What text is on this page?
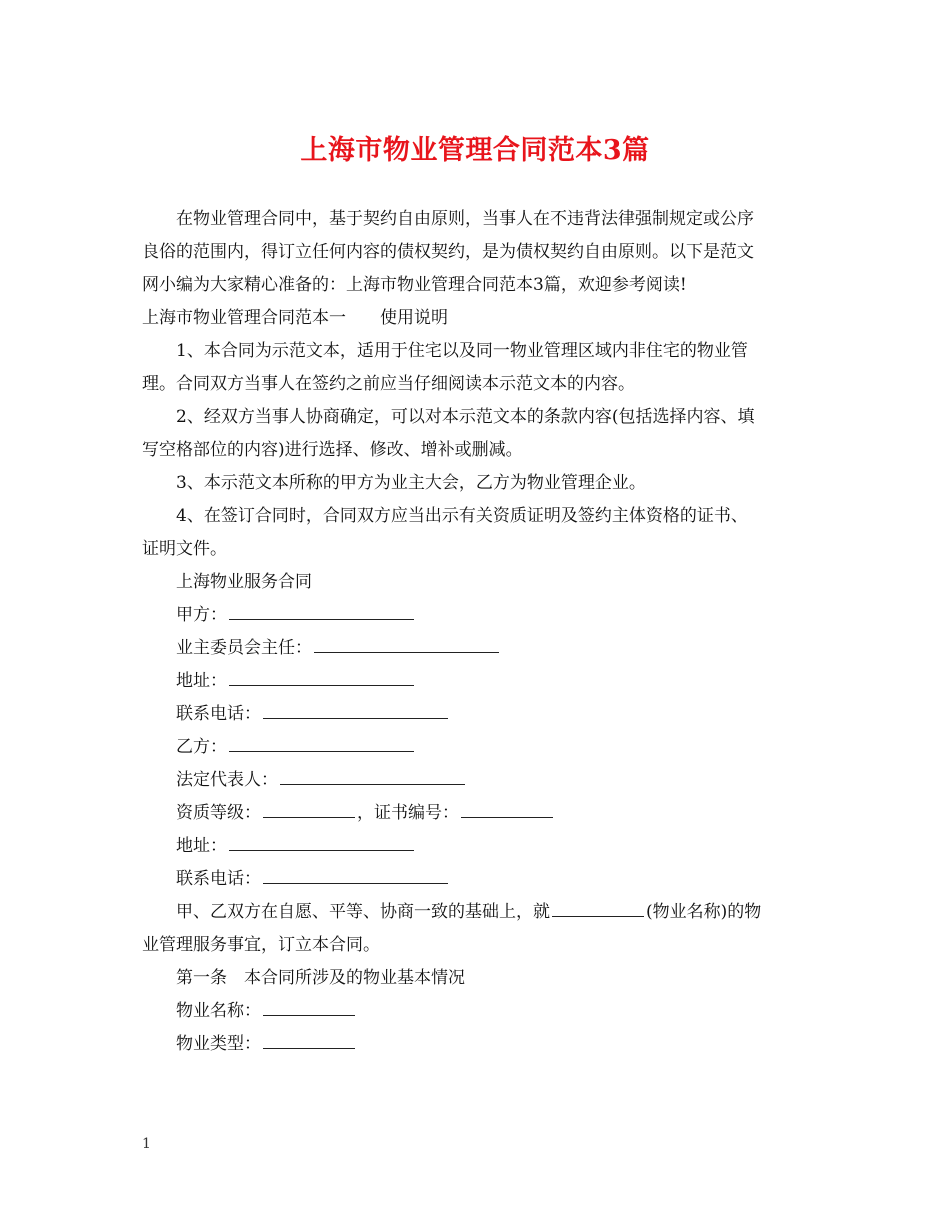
上海市物业管理合同范本3篇
在物业管理合同中，基于契约自由原则，当事人在不违背法律强制规定或公序
良俗的范围内，得订立任何内容的债权契约，是为债权契约自由原则。以下是范文
网小编为大家精心准备的：上海市物业管理合同范本3篇，欢迎参考阅读!
上海市物业管理合同范本一　　使用说明
1、本合同为示范文本，适用于住宅以及同一物业管理区域内非住宅的物业管
理。合同双方当事人在签约之前应当仔细阅读本示范文本的内容。
2、经双方当事人协商确定，可以对本示范文本的条款内容(包括选择内容、填
写空格部位的内容)进行选择、修改、增补或删减。
3、本示范文本所称的甲方为业主大会，乙方为物业管理企业。
4、在签订合同时，合同双方应当出示有关资质证明及签约主体资格的证书、
证明文件。
上海物业服务合同
甲方：
业主委员会主任：
地址：
联系电话：
乙方：
法定代表人：
资质等级：	，证书编号：
地址：
联系电话：
甲、乙双方在自愿、平等、协商一致的基础上，就	(物业名称)的物
业管理服务事宜，订立本合同。
第一条　本合同所涉及的物业基本情况
物业名称：
物业类型：
1
